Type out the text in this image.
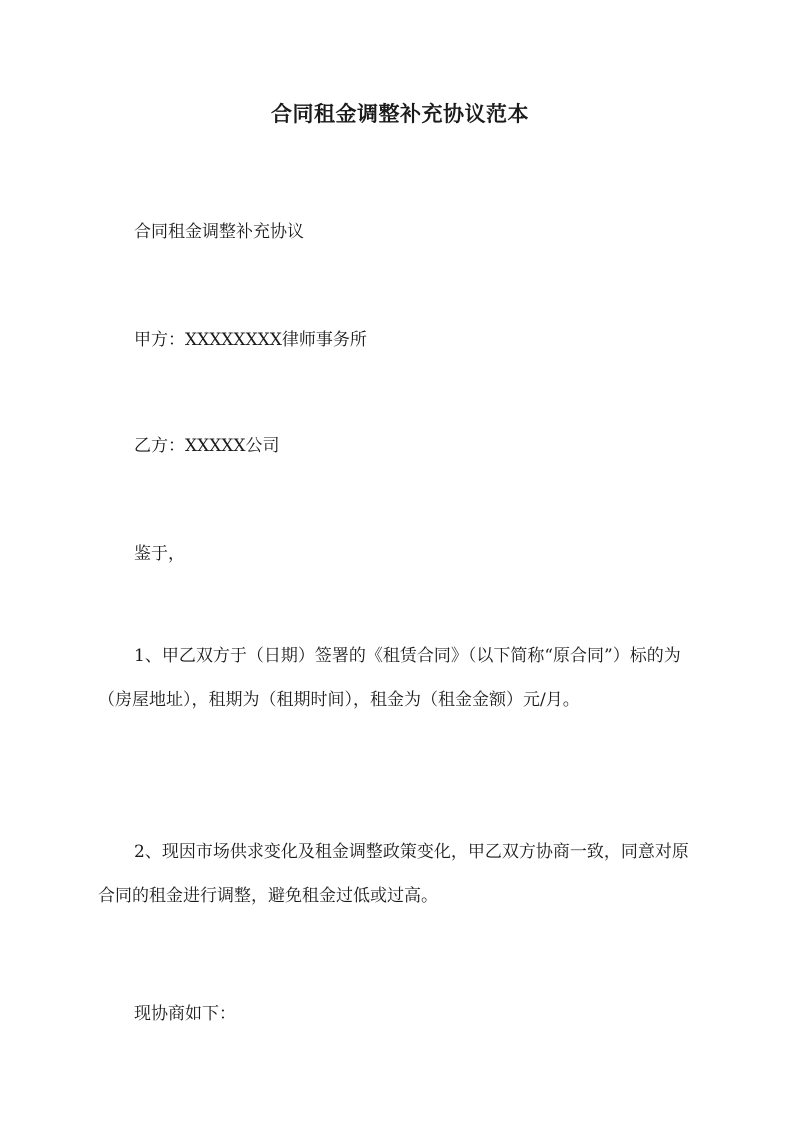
合同租金调整补充协议范本

合同租金调整补充协议

甲方：XXXXXXXX律师事务所

乙方：XXXXX公司

鉴于，

1、甲乙双方于（日期）签署的《租赁合同》（以下简称“原合同”）标的为（房屋地址），租期为（租期时间），租金为（租金金额）元/月。

2、现因市场供求变化及租金调整政策变化，甲乙双方协商一致，同意对原合同的租金进行调整，避免租金过低或过高。

现协商如下：
